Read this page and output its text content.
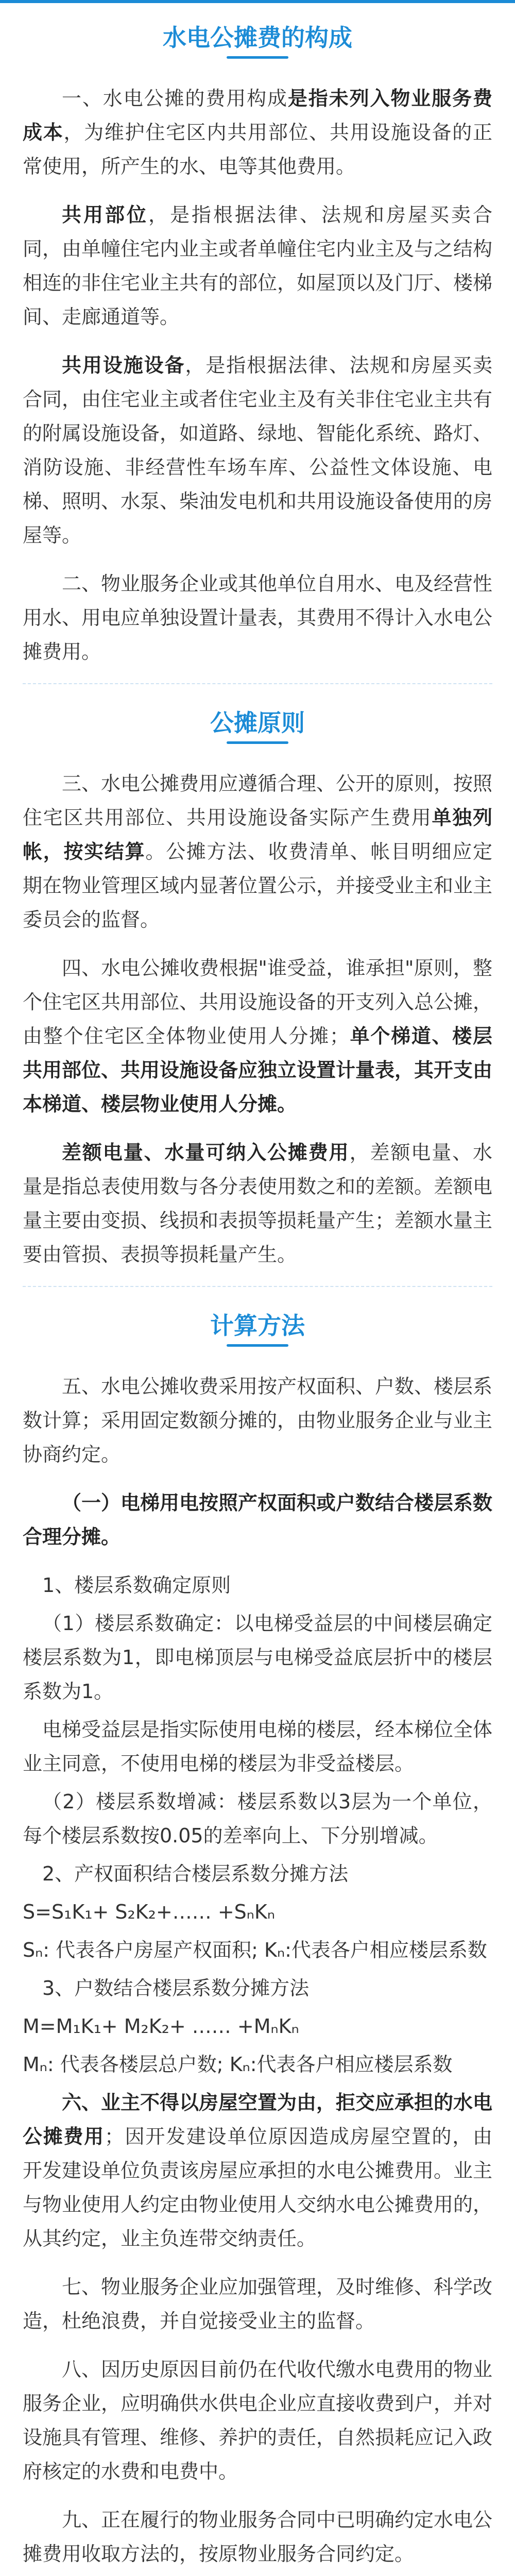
水电公摊费的构成

一、水电公摊的费用构成是指未列入物业服务费成本，为维护住宅区内共用部位、共用设施设备的正常使用，所产生的水、电等其他费用。

共用部位，是指根据法律、法规和房屋买卖合同，由单幢住宅内业主或者单幢住宅内业主及与之结构相连的非住宅业主共有的部位，如屋顶以及门厅、楼梯间、走廊通道等。

共用设施设备，是指根据法律、法规和房屋买卖合同，由住宅业主或者住宅业主及有关非住宅业主共有的附属设施设备，如道路、绿地、智能化系统、路灯、消防设施、非经营性车场车库、公益性文体设施、电梯、照明、水泵、柴油发电机和共用设施设备使用的房屋等。

二、物业服务企业或其他单位自用水、电及经营性用水、用电应单独设置计量表，其费用不得计入水电公摊费用。

公摊原则

三、水电公摊费用应遵循合理、公开的原则，按照住宅区共用部位、共用设施设备实际产生费用单独列帐，按实结算。公摊方法、收费清单、帐目明细应定期在物业管理区域内显著位置公示，并接受业主和业主委员会的监督。

四、水电公摊收费根据"谁受益，谁承担"原则，整个住宅区共用部位、共用设施设备的开支列入总公摊，由整个住宅区全体物业使用人分摊；单个梯道、楼层共用部位、共用设施设备应独立设置计量表，其开支由本梯道、楼层物业使用人分摊。

差额电量、水量可纳入公摊费用，差额电量、水量是指总表使用数与各分表使用数之和的差额。差额电量主要由变损、线损和表损等损耗量产生；差额水量主要由管损、表损等损耗量产生。

计算方法

五、水电公摊收费采用按产权面积、户数、楼层系数计算；采用固定数额分摊的，由物业服务企业与业主协商约定。

（一）电梯用电按照产权面积或户数结合楼层系数合理分摊。

1、楼层系数确定原则

（1）楼层系数确定：以电梯受益层的中间楼层确定楼层系数为1，即电梯顶层与电梯受益底层折中的楼层系数为1。

电梯受益层是指实际使用电梯的楼层，经本梯位全体业主同意，不使用电梯的楼层为非受益楼层。

（2）楼层系数增减：楼层系数以3层为一个单位，每个楼层系数按0.05的差率向上、下分别增减。

2、产权面积结合楼层系数分摊方法

S=S₁K₁+ S₂K₂+…… +SₙKₙ

Sₙ: 代表各户房屋产权面积; Kₙ:代表各户相应楼层系数

3、户数结合楼层系数分摊方法

M=M₁K₁+ M₂K₂+ …… +MₙKₙ

Mₙ: 代表各楼层总户数; Kₙ:代表各户相应楼层系数

六、业主不得以房屋空置为由，拒交应承担的水电公摊费用；因开发建设单位原因造成房屋空置的，由开发建设单位负责该房屋应承担的水电公摊费用。业主与物业使用人约定由物业使用人交纳水电公摊费用的，从其约定，业主负连带交纳责任。

七、物业服务企业应加强管理，及时维修、科学改造，杜绝浪费，并自觉接受业主的监督。

八、因历史原因目前仍在代收代缴水电费用的物业服务企业，应明确供水供电企业应直接收费到户，并对设施具有管理、维修、养护的责任，自然损耗应记入政府核定的水费和电费中。

九、正在履行的物业服务合同中已明确约定水电公摊费用收取方法的，按原物业服务合同约定。
